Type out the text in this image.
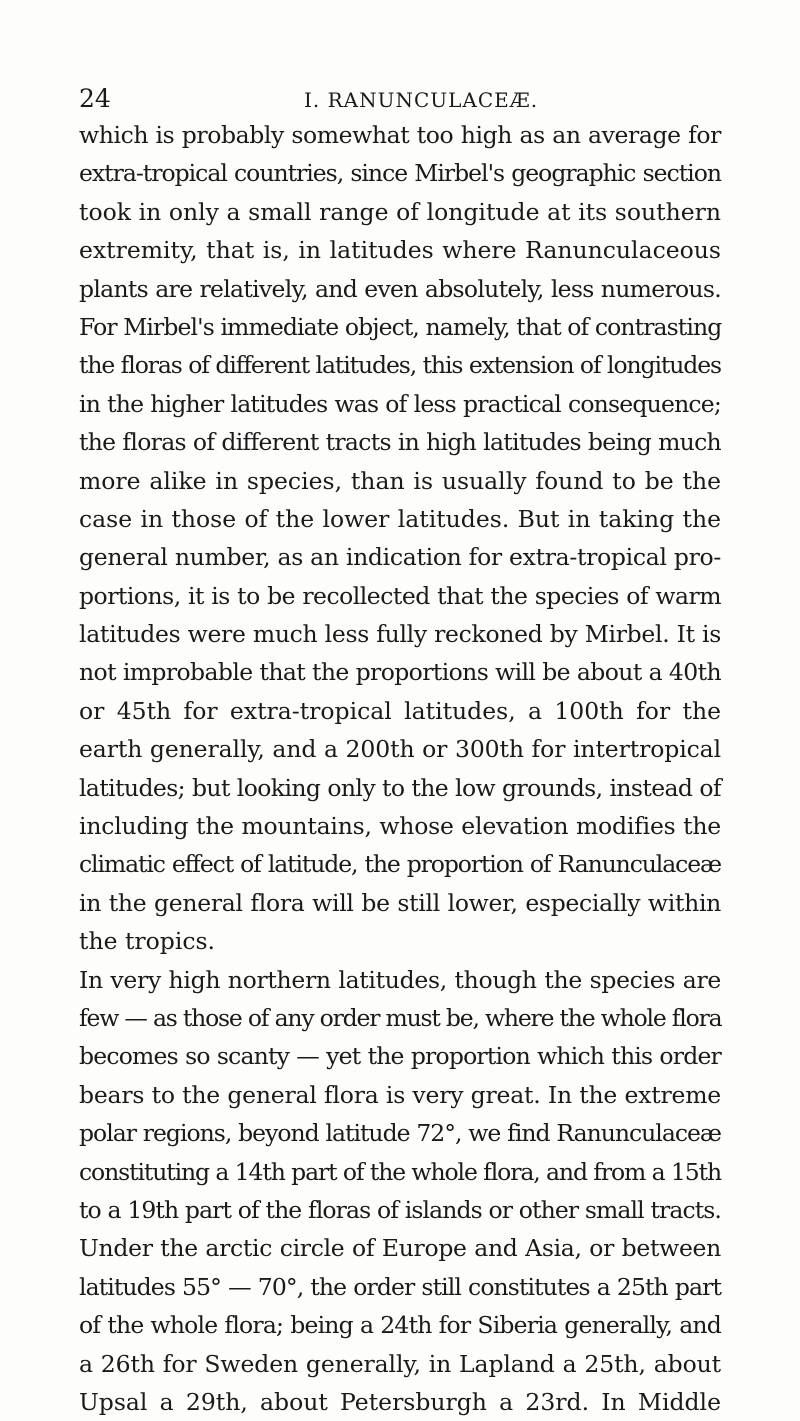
24	I. RANUNCULACEÆ.
which is probably somewhat too high as an average for
extra-tropical countries, since Mirbel's geographic section
took in only a small range of longitude at its southern
extremity, that is, in latitudes where Ranunculaceous
plants are relatively, and even absolutely, less numerous.
For Mirbel's immediate object, namely, that of contrasting
the floras of different latitudes, this extension of longitudes
in the higher latitudes was of less practical consequence;
the floras of different tracts in high latitudes being much
more alike in species, than is usually found to be the
case in those of the lower latitudes. But in taking the
general number, as an indication for extra-tropical pro-
portions, it is to be recollected that the species of warm
latitudes were much less fully reckoned by Mirbel. It is
not improbable that the proportions will be about a 40th
or 45th for extra-tropical latitudes, a 100th for the
earth generally, and a 200th or 300th for intertropical
latitudes; but looking only to the low grounds, instead of
including the mountains, whose elevation modifies the
climatic effect of latitude, the proportion of Ranunculaceæ
in the general flora will be still lower, especially within
the tropics.
In very high northern latitudes, though the species are
few — as those of any order must be, where the whole flora
becomes so scanty — yet the proportion which this order
bears to the general flora is very great. In the extreme
polar regions, beyond latitude 72°, we find Ranunculaceæ
constituting a 14th part of the whole flora, and from a 15th
to a 19th part of the floras of islands or other small tracts.
Under the arctic circle of Europe and Asia, or between
latitudes 55° — 70°, the order still constitutes a 25th part
of the whole flora; being a 24th for Siberia generally, and
a 26th for Sweden generally, in Lapland a 25th, about
Upsal a 29th, about Petersburgh a 23rd. In Middle
